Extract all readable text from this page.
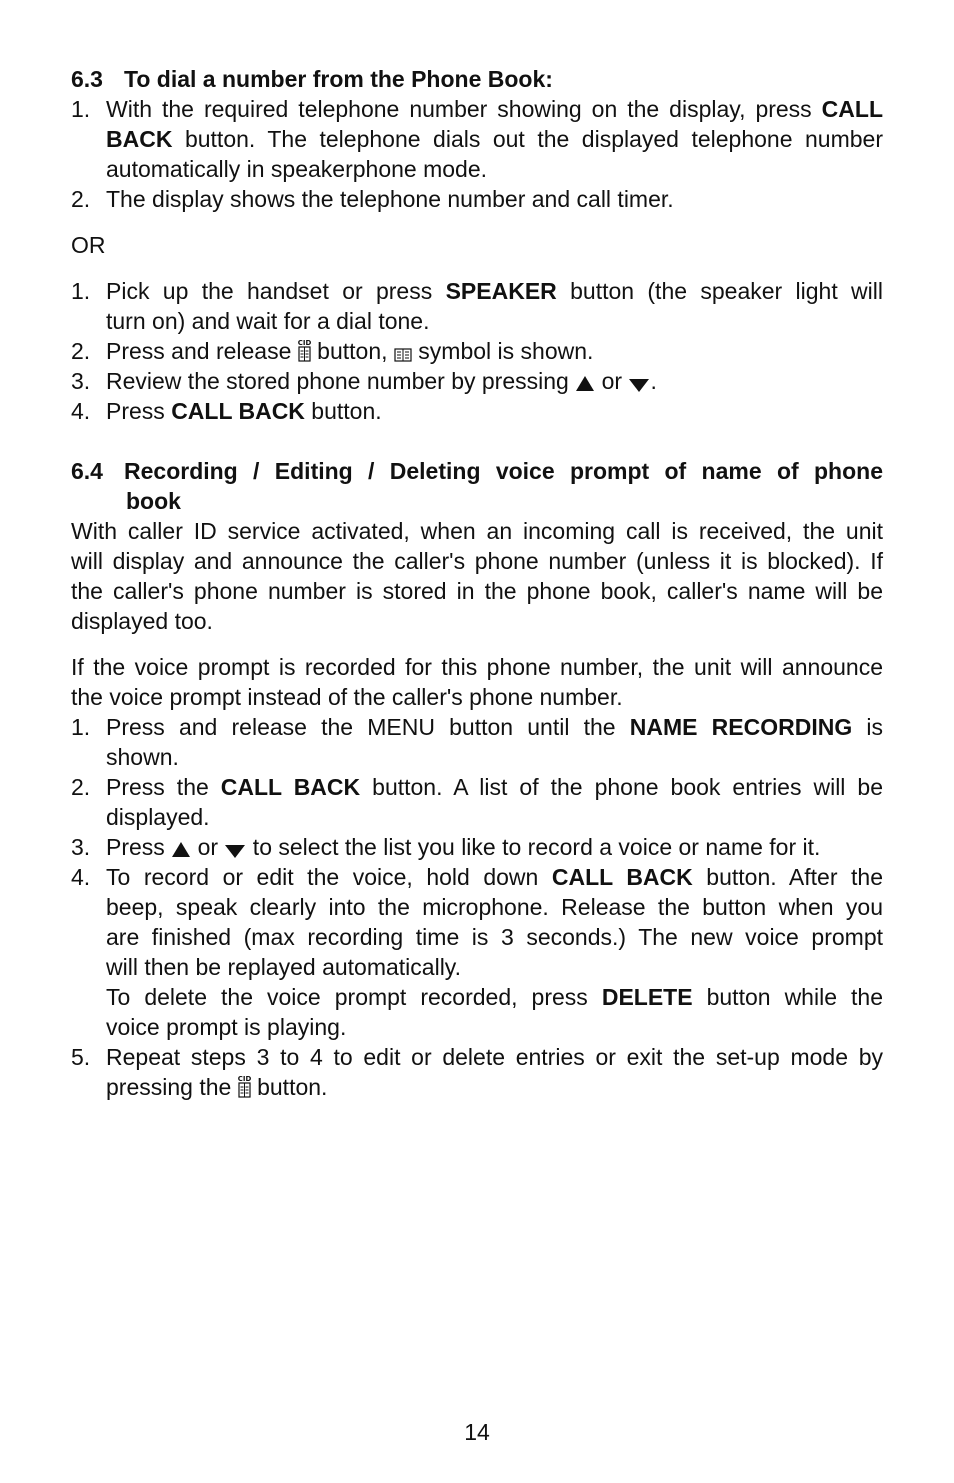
6.3 To dial a number from the Phone Book:
1. With the required telephone number showing on the display, press CALL
BACK button. The telephone dials out the displayed telephone number
automatically in speakerphone mode.
2. The display shows the telephone number and call timer.
OR
1. Pick up the handset or press SPEAKER button (the speaker light will
turn on) and wait for a dial tone.
2. Press and release CID button,  symbol is shown.
3. Review the stored phone number by pressing  or .
4. Press CALL BACK button.
6.4 Recording / Editing / Deleting voice prompt of name of phone
book
With caller ID service activated, when an incoming call is received, the unit
will display and announce the caller's phone number (unless it is blocked). If
the caller's phone number is stored in the phone book, caller's name will be
displayed too.
If the voice prompt is recorded for this phone number, the unit will announce
the voice prompt instead of the caller's phone number.
1. Press and release the MENU button until the NAME RECORDING is
shown.
2. Press the CALL BACK button. A list of the phone book entries will be
displayed.
3. Press  or  to select the list you like to record a voice or name for it.
4. To record or edit the voice, hold down CALL BACK button. After the
beep, speak clearly into the microphone. Release the button when you
are finished (max recording time is 3 seconds.) The new voice prompt
will then be replayed automatically.
To delete the voice prompt recorded, press DELETE button while the
voice prompt is playing.
5. Repeat steps 3 to 4 to edit or delete entries or exit the set-up mode by
pressing the CID button.
14
